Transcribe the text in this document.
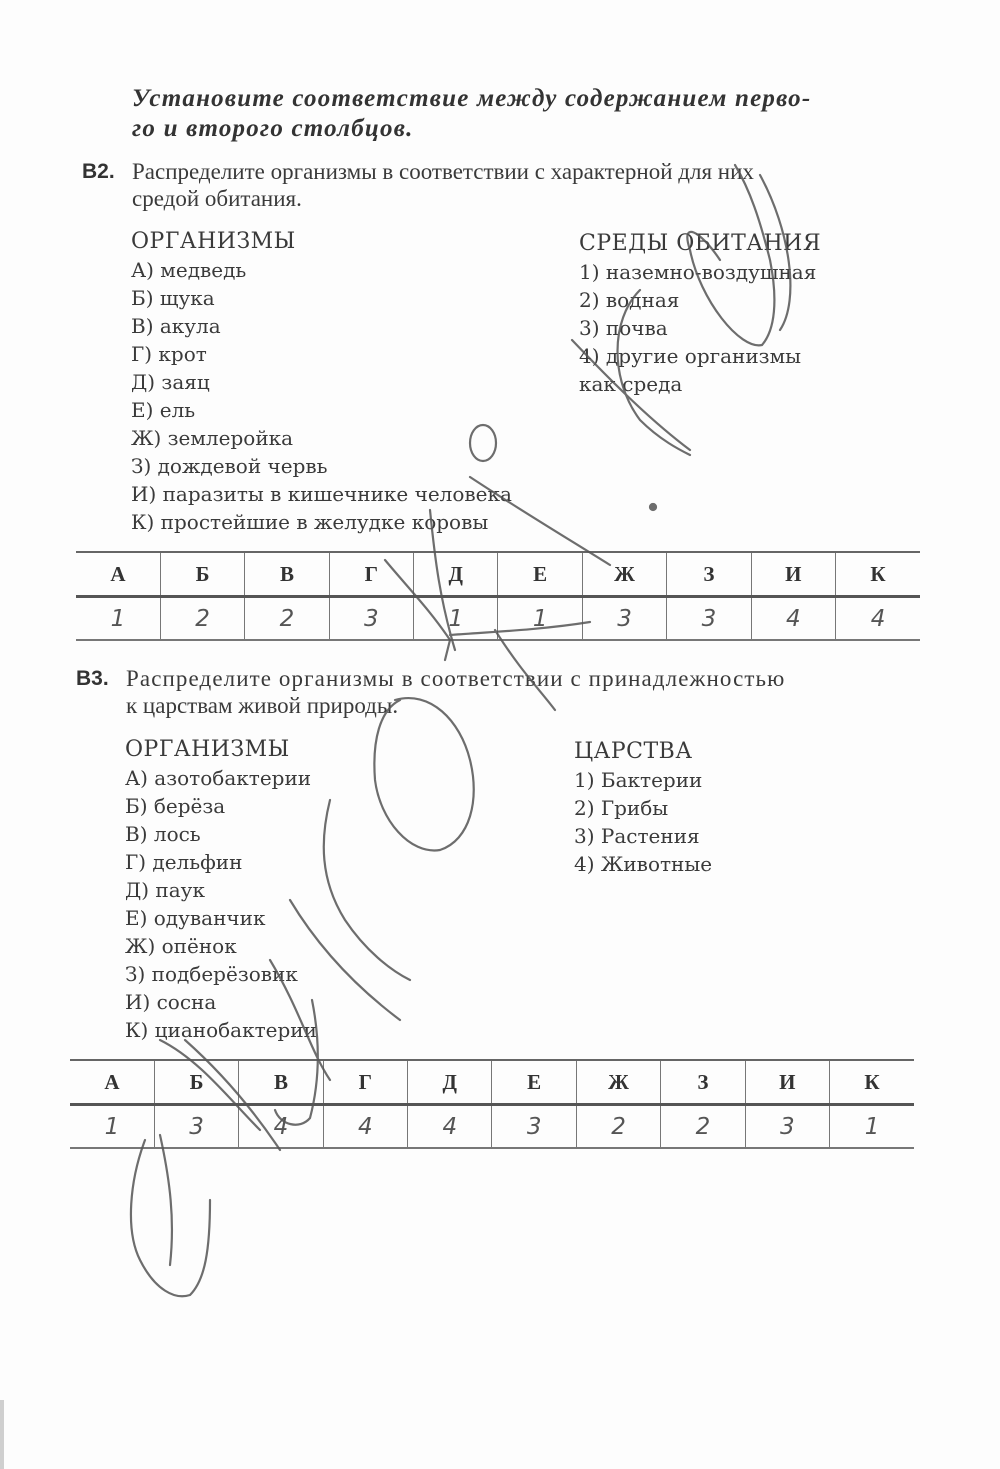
Установите соответствие между содержанием перво-
го и второго столбцов.
B2. Распределите организмы в соответствии с характерной для них
средой обитания.
ОРГАНИЗМЫ
А) медведь
Б) щука
В) акула
Г) крот
Д) заяц
Е) ель
Ж) землеройка
З) дождевой червь
И) паразиты в кишечнике человека
К) простейшие в желудке коровы
СРЕДЫ ОБИТАНИЯ
1) наземно-воздушная
2) водная
3) почва
4) другие организмы
как среда
А	Б	В	Г	Д	Е	Ж	З	И	К
1	2	2	3	1	1	3	3	4	4
B3. Распределите организмы в соответствии с принадлежностью
к царствам живой природы.
ОРГАНИЗМЫ
А) азотобактерии
Б) берёза
В) лось
Г) дельфин
Д) паук
Е) одуванчик
Ж) опёнок
З) подберёзовик
И) сосна
К) цианобактерии
ЦАРСТВА
1) Бактерии
2) Грибы
3) Растения
4) Животные
А	Б	В	Г	Д	Е	Ж	З	И	К
1	3	4	4	4	3	2	2	3	1
